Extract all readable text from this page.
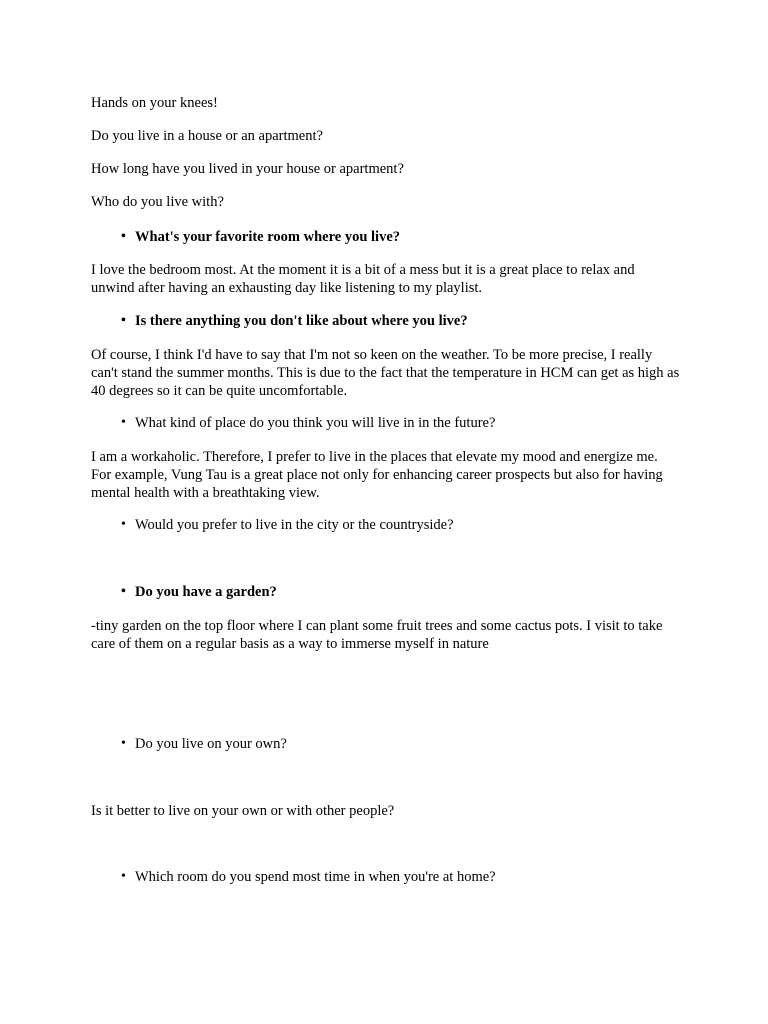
Hands on your knees!

Do you live in a house or an apartment?

How long have you lived in your house or apartment?

Who do you live with?

• What's your favorite room where you live?

I love the bedroom most. At the moment it is a bit of a mess but it is a great place to relax and unwind after having an exhausting day like listening to my playlist.

• Is there anything you don't like about where you live?

Of course, I think I'd have to say that I'm not so keen on the weather. To be more precise, I really can't stand the summer months. This is due to the fact that the temperature in HCM can get as high as 40 degrees so it can be quite uncomfortable.

• What kind of place do you think you will live in in the future?

I am a workaholic. Therefore, I prefer to live in the places that elevate my mood and energize me. For example, Vung Tau is a great place not only for enhancing career prospects but also for having mental health with a breathtaking view.

• Would you prefer to live in the city or the countryside?
• Do you have a garden?

-tiny garden on the top floor where I can plant some fruit trees and some cactus pots. I visit to take care of them on a regular basis as a way to immerse myself in nature

• Do you live on your own?

Is it better to live on your own or with other people?

• Which room do you spend most time in when you're at home?
